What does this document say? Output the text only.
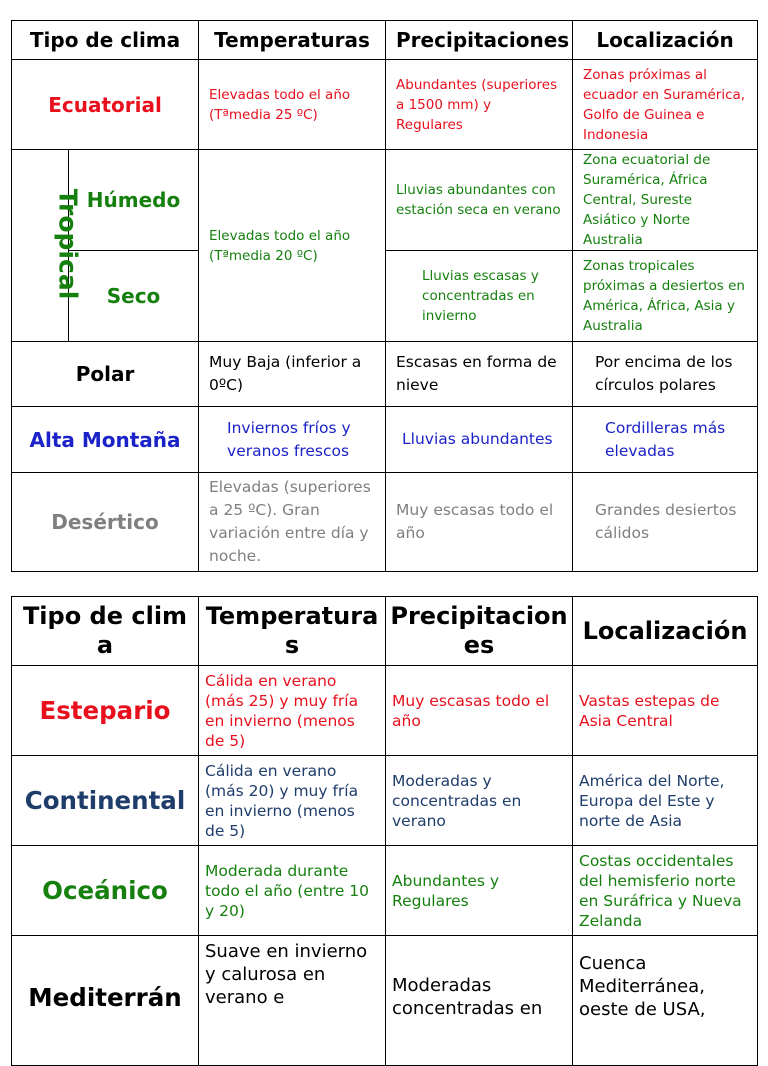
Tipo de clima		Temperaturas	Precipitaciones	Localización
Ecuatorial		Elevadas todo el año (Tªmedia 25 ºC)	Abundantes (superiores a 1500 mm) y Regulares	Zonas próximas al ecuador en Suramérica, Golfo de Guinea e Indonesia
Tropical	Húmedo	Elevadas todo el año (Tªmedia 20 ºC)	Lluvias abundantes con estación seca en verano	Zona ecuatorial de Suramérica, África Central, Sureste Asiático y Norte Australia
	Seco		Lluvias escasas y concentradas en invierno	Zonas tropicales próximas a desiertos en América, África, Asia y Australia
Polar		Muy Baja (inferior a 0ºC)	Escasas en forma de nieve	Por encima de los círculos polares
Alta Montaña		Inviernos fríos y veranos frescos	Lluvias abundantes	Cordilleras más elevadas
Desértico		Elevadas (superiores a 25 ºC). Gran variación entre día y noche.	Muy escasas todo el año	Grandes desiertos cálidos
Tipo de clima	Temperaturas	Precipitaciones	Localización
Estepario	Cálida en verano (más 25) y muy fría en invierno (menos de 5)	Muy escasas todo el año	Vastas estepas de Asia Central
Continental	Cálida en verano (más 20) y muy fría en invierno (menos de 5)	Moderadas y concentradas en verano	América del Norte, Europa del Este y norte de Asia
Oceánico	Moderada durante todo el año (entre 10 y 20)	Abundantes y Regulares	Costas occidentales del hemisferio norte en Suráfrica y Nueva Zelanda
Mediterrán	Suave en invierno y calurosa en verano e	Moderadas concentradas en	Cuenca Mediterránea, oeste de USA,
